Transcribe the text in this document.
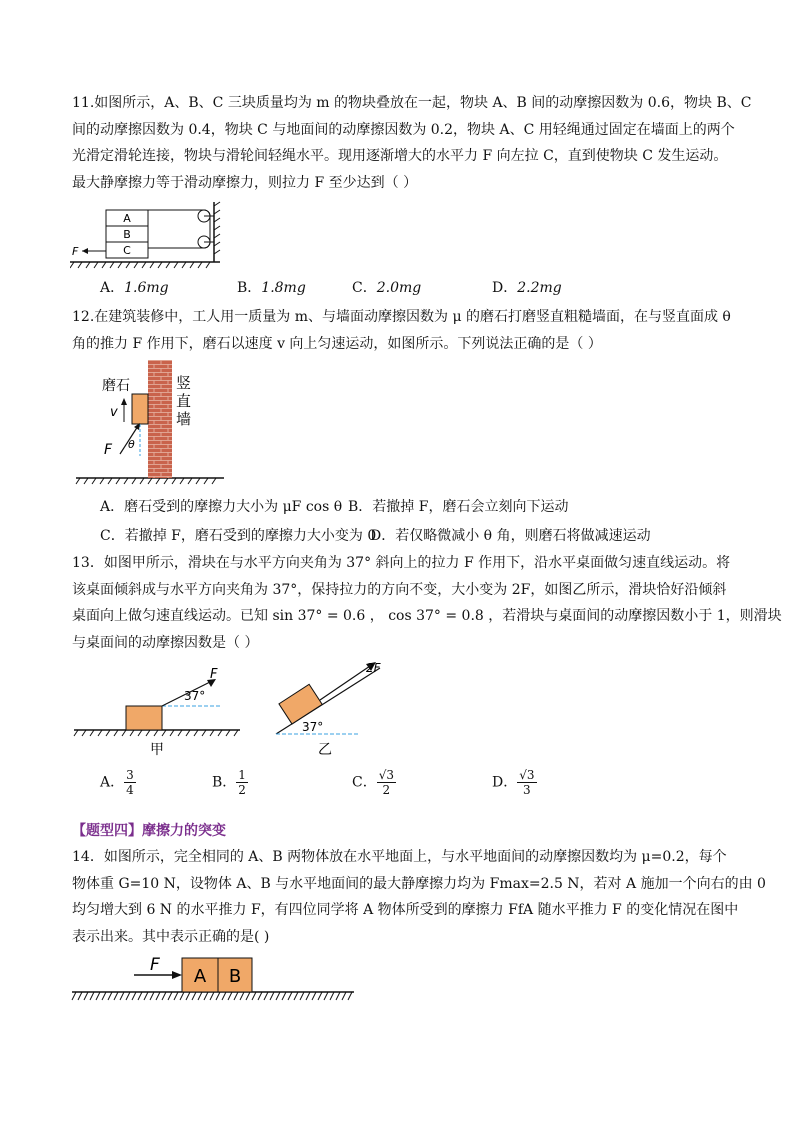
11.如图所示，A、B、C 三块质量均为 m 的物块叠放在一起，物块 A、B 间的动摩擦因数为 0.6，物块 B、C
间的动摩擦因数为 0.4，物块 C 与地面间的动摩擦因数为 0.2，物块 A、C 用轻绳通过固定在墙面上的两个
光滑定滑轮连接，物块与滑轮间轻绳水平。现用逐渐增大的水平力 F 向左拉 C，直到使物块 C 发生运动。
最大静摩擦力等于滑动摩擦力，则拉力 F 至少达到（ ）
A
B
C
F
A．1.6mg	B．1.8mg	C．2.0mg	D．2.2mg
12.在建筑装修中，工人用一质量为 m、与墙面动摩擦因数为 μ 的磨石打磨竖直粗糙墙面，在与竖直面成 θ
角的推力 F 作用下，磨石以速度 v 向上匀速运动，如图所示。下列说法正确的是（ ）
磨石
v
F θ
竖
直
墙
A．磨石受到的摩擦力大小为 μF cos θ B．若撤掉 F，磨石会立刻向下运动
C．若撤掉 F，磨石受到的摩擦力大小变为 0
D．若仅略微减小 θ 角，则磨石将做减速运动
13．如图甲所示，滑块在与水平方向夹角为 37° 斜向上的拉力 F 作用下，沿水平桌面做匀速直线运动。将
该桌面倾斜成与水平方向夹角为 37°，保持拉力的方向不变，大小变为 2F，如图乙所示，滑块恰好沿倾斜
桌面向上做匀速直线运动。已知 sin 37° = 0.6 ， cos 37° = 0.8 ，若滑块与桌面间的动摩擦因数小于 1，则滑块
与桌面间的动摩擦因数是（ ）
F
37°
甲
2F
37°
乙
A． $\frac{3}{4}$	B． $\frac{1}{2}$	C． $\frac{√3}{2}$	D． $\frac{√3}{3}$
【题型四】摩擦力的突变
14．如图所示，完全相同的 A、B 两物体放在水平地面上，与水平地面间的动摩擦因数均为 μ=0.2，每个
物体重 G=10 N，设物体 A、B 与水平地面间的最大静摩擦力均为 Fmax=2.5 N，若对 A 施加一个向右的由 0
均匀增大到 6 N 的水平推力 F，有四位同学将 A 物体所受到的摩擦力 FfA 随水平推力 F 的变化情况在图中
表示出来。其中表示正确的是( )
A B
F
